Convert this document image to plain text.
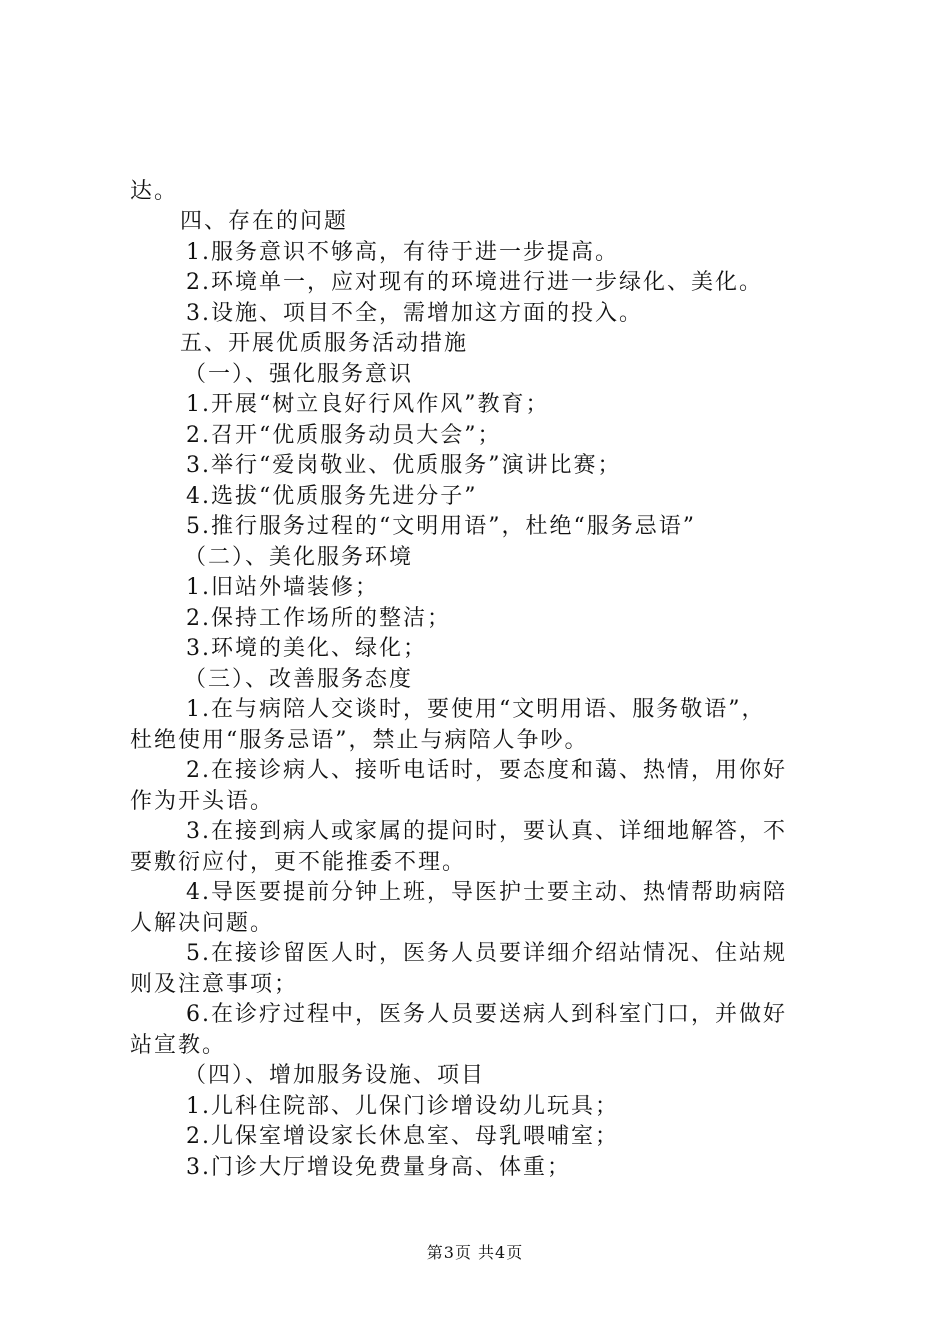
达。
四、存在的问题
1.服务意识不够高，有待于进一步提高。
2.环境单一，应对现有的环境进行进一步绿化、美化。
3.设施、项目不全，需增加这方面的投入。
五、开展优质服务活动措施
（一）、强化服务意识
1.开展“树立良好行风作风”教育；
2.召开“优质服务动员大会”；
3.举行“爱岗敬业、优质服务”演讲比赛；
4.选拔“优质服务先进分子”
5.推行服务过程的“文明用语”，杜绝“服务忌语”
（二）、美化服务环境
1.旧站外墙装修；
2.保持工作场所的整洁；
3.环境的美化、绿化；
（三）、改善服务态度
1.在与病陪人交谈时，要使用“文明用语、服务敬语”，
杜绝使用“服务忌语”，禁止与病陪人争吵。
2.在接诊病人、接听电话时，要态度和蔼、热情，用你好
作为开头语。
3.在接到病人或家属的提问时，要认真、详细地解答，不
要敷衍应付，更不能推委不理。
4.导医要提前分钟上班，导医护士要主动、热情帮助病陪
人解决问题。
5.在接诊留医人时，医务人员要详细介绍站情况、住站规
则及注意事项；
6.在诊疗过程中，医务人员要送病人到科室门口，并做好
站宣教。
（四）、增加服务设施、项目
1.儿科住院部、儿保门诊增设幼儿玩具；
2.儿保室增设家长休息室、母乳喂哺室；
3.门诊大厅增设免费量身高、体重；
第3页 共4页
